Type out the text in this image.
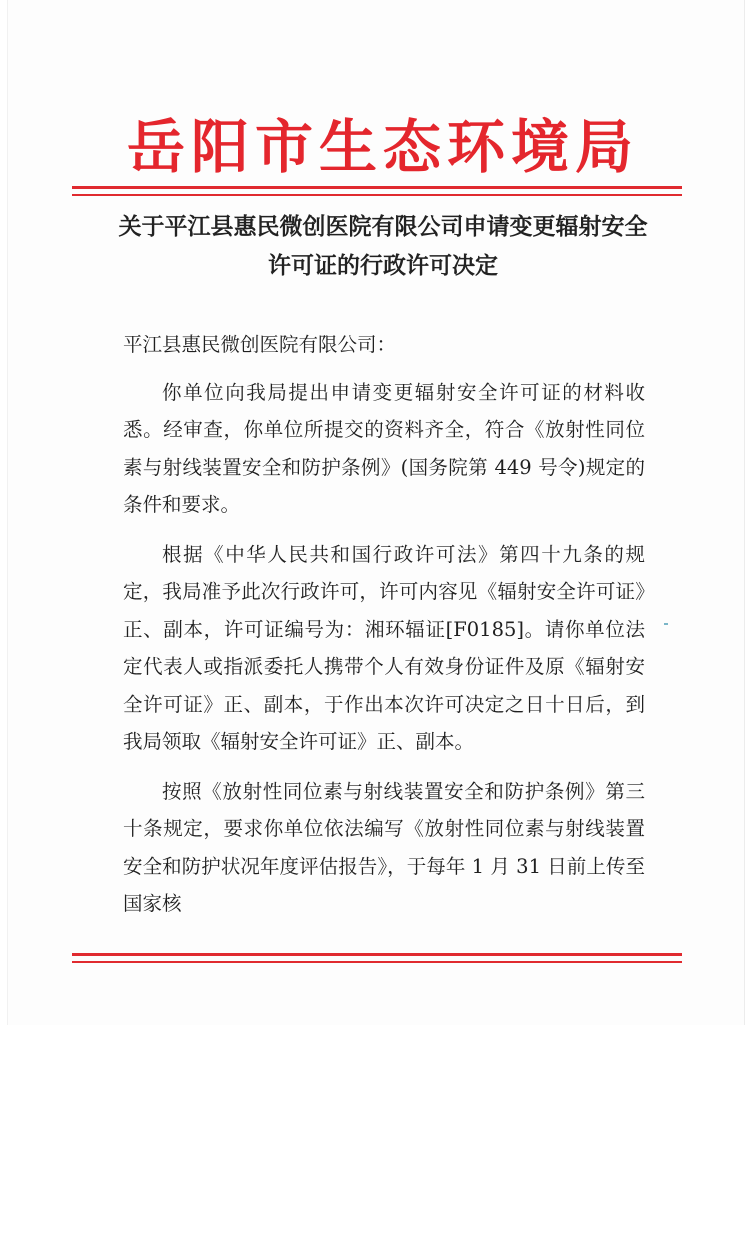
岳阳市生态环境局
关于平江县惠民微创医院有限公司申请变更辐射安全
许可证的行政许可决定

平江县惠民微创医院有限公司：

你单位向我局提出申请变更辐射安全许可证的材料收悉。经审查，你单位所提交的资料齐全，符合《放射性同位素与射线装置安全和防护条例》(国务院第 449 号令)规定的条件和要求。

根据《中华人民共和国行政许可法》第四十九条的规定，我局准予此次行政许可，许可内容见《辐射安全许可证》正、副本，许可证编号为：湘环辐证[F0185]。请你单位法定代表人或指派委托人携带个人有效身份证件及原《辐射安全许可证》正、副本，于作出本次许可决定之日十日后，到我局领取《辐射安全许可证》正、副本。

按照《放射性同位素与射线装置安全和防护条例》第三十条规定，要求你单位依法编写《放射性同位素与射线装置安全和防护状况年度评估报告》，于每年 1 月 31 日前上传至国家核
